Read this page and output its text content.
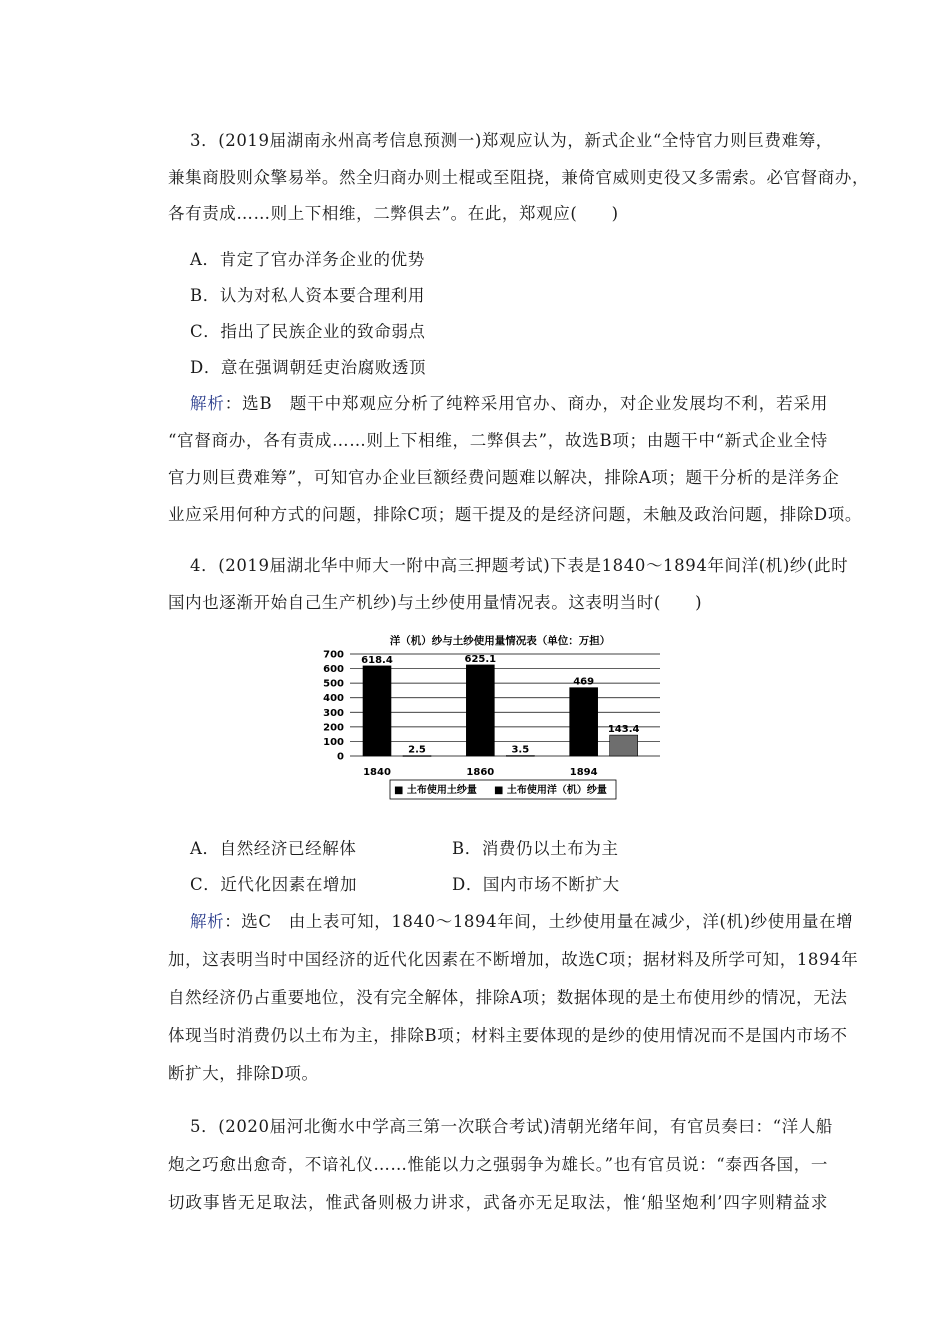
3．(2019届湖南永州高考信息预测一)郑观应认为，新式企业“全恃官力则巨费难筹，
兼集商股则众擎易举。然全归商办则土棍或至阻挠，兼倚官威则吏役又多需索。必官督商办，
各有责成……则上下相维，二弊俱去”。在此，郑观应(　　)
A．肯定了官办洋务企业的优势
B．认为对私人资本要合理利用
C．指出了民族企业的致命弱点
D．意在强调朝廷吏治腐败透顶
解析：选B　题干中郑观应分析了纯粹采用官办、商办，对企业发展均不利，若采用
“官督商办，各有责成……则上下相维，二弊俱去”，故选B项；由题干中“新式企业全恃
官力则巨费难筹”，可知官办企业巨额经费问题难以解决，排除A项；题干分析的是洋务企
业应采用何种方式的问题，排除C项；题干提及的是经济问题，未触及政治问题，排除D项。
4．(2019届湖北华中师大一附中高三押题考试)下表是1840～1894年间洋(机)纱(此时
国内也逐渐开始自己生产机纱)与土纱使用量情况表。这表明当时(　　)
洋（机）纱与土纱使用量情况表（单位：万担）
0
100
200
300
400
500
600
700 618.4
2.5
625.1
3.5
469
143.4
1840	1860	1894
■ 土布使用土纱量 ■ 土布使用洋（机）纱量
A．自然经济已经解体	B．消费仍以土布为主
C．近代化因素在增加	D．国内市场不断扩大
解析：选C　由上表可知，1840～1894年间，土纱使用量在减少，洋(机)纱使用量在增
加，这表明当时中国经济的近代化因素在不断增加，故选C项；据材料及所学可知，1894年
自然经济仍占重要地位，没有完全解体，排除A项；数据体现的是土布使用纱的情况，无法
体现当时消费仍以土布为主，排除B项；材料主要体现的是纱的使用情况而不是国内市场不
断扩大，排除D项。
5．(2020届河北衡水中学高三第一次联合考试)清朝光绪年间，有官员奏曰：“洋人船
炮之巧愈出愈奇，不谙礼仪……惟能以力之强弱争为雄长。”也有官员说：“泰西各国，一
切政事皆无足取法，惟武备则极力讲求，武备亦无足取法，惟‘船坚炮利’四字则精益求
